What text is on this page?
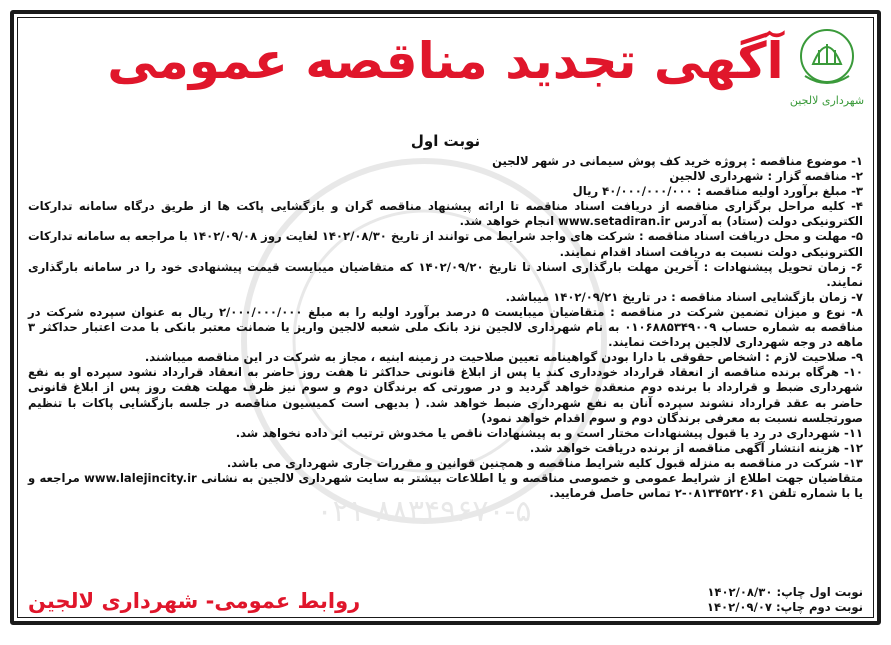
۰۲۱-۸۸۳۴۹۶۷۰-۵
شهرداری لالجین
آگهی تجدید مناقصه عمومی
نوبت اول

۱- موضوع مناقصه : پروژه خرید کف پوش سیمانی در شهر لالجین

۲- مناقصه گزار : شهرداری لالجین

۳- مبلغ برآورد اولیه مناقصه : ۴۰/۰۰۰/۰۰۰/۰۰۰ ریال

۴- کلیه مراحل برگزاری مناقصه از دریافت اسناد مناقصه تا ارائه پیشنهاد مناقصه گران و بازگشایی پاکت ها از طریق درگاه سامانه تدارکات الکترونیکی دولت (ستاد) به آدرس www.setadiran.ir انجام خواهد شد.

۵- مهلت و محل دریافت اسناد مناقصه : شرکت های واجد شرایط می توانند از تاریخ ۱۴۰۲/۰۸/۳۰ لغایت روز ۱۴۰۲/۰۹/۰۸ با مراجعه به سامانه تدارکات الکترونیکی دولت نسبت به دریافت اسناد اقدام نمایند.

۶- زمان تحویل پیشنهادات : آخرین مهلت بارگذاری اسناد تا تاریخ ۱۴۰۲/۰۹/۲۰ که متقاضیان میبایست قیمت پیشنهادی خود را در سامانه بارگذاری نمایند.

۷- زمان بازگشایی اسناد مناقصه : در تاریخ ۱۴۰۲/۰۹/۲۱ میباشد.

۸- نوع و میزان تضمین شرکت در مناقصه : متقاضیان میبایست ۵ درصد برآورد اولیه را به مبلغ ۲/۰۰۰/۰۰۰/۰۰۰ ریال به عنوان سپرده شرکت در مناقصه به شماره حساب ۰۱۰۶۸۸۵۳۴۹۰۰۹ به نام شهرداری لالجین نزد بانک ملی شعبه لالجین واریز یا ضمانت معتبر بانکی با مدت اعتبار حداکثر ۳ ماهه در وجه شهرداری لالجین پرداخت نمایند.

۹- صلاحیت لازم : اشخاص حقوقی با دارا بودن گواهینامه تعیین صلاحیت در زمینه ابنیه ، مجاز به شرکت در این مناقصه میباشند.

۱۰- هرگاه برنده مناقصه از انعقاد قرارداد خودداری کند یا پس از ابلاغ قانونی حداکثر تا هفت روز حاضر به انعقاد قرارداد نشود سپرده او به نفع شهرداری ضبط و قرارداد با برنده دوم منعقده خواهد گردید و در صورتی که برندگان دوم و سوم نیز ظرف مهلت هفت روز پس از ابلاغ قانونی حاضر به عقد قرارداد نشوند سپرده آنان به نفع شهرداری ضبط خواهد شد. ( بدیهی است کمیسیون مناقصه در جلسه بازگشایی پاکات با تنظیم صورتجلسه نسبت به معرفی برندگان دوم و سوم اقدام خواهد نمود)

۱۱- شهرداری در رد یا قبول پیشنهادات مختار است و به پیشنهادات ناقص یا مخدوش ترتیب اثر داده نخواهد شد.

۱۲- هزینه انتشار آگهی مناقصه از برنده دریافت خواهد شد.

۱۳- شرکت در مناقصه به منزله قبول کلیه شرایط مناقصه و همچنین قوانین و مقررات جاری شهرداری می باشد.

متقاضیان جهت اطلاع از شرایط عمومی و خصوصی مناقصه و یا اطلاعات بیشتر به سایت شهرداری لالجین به نشانی www.lalejincity.ir مراجعه و یا با شماره تلفن ۰۸۱۳۴۵۲۲۰۶۱-۲ تماس حاصل فرمایید.

نوبت اول چاپ: ۱۴۰۲/۰۸/۳۰
نوبت دوم چاپ: ۱۴۰۲/۰۹/۰۷
روابط عمومی- شهرداری لالجین
